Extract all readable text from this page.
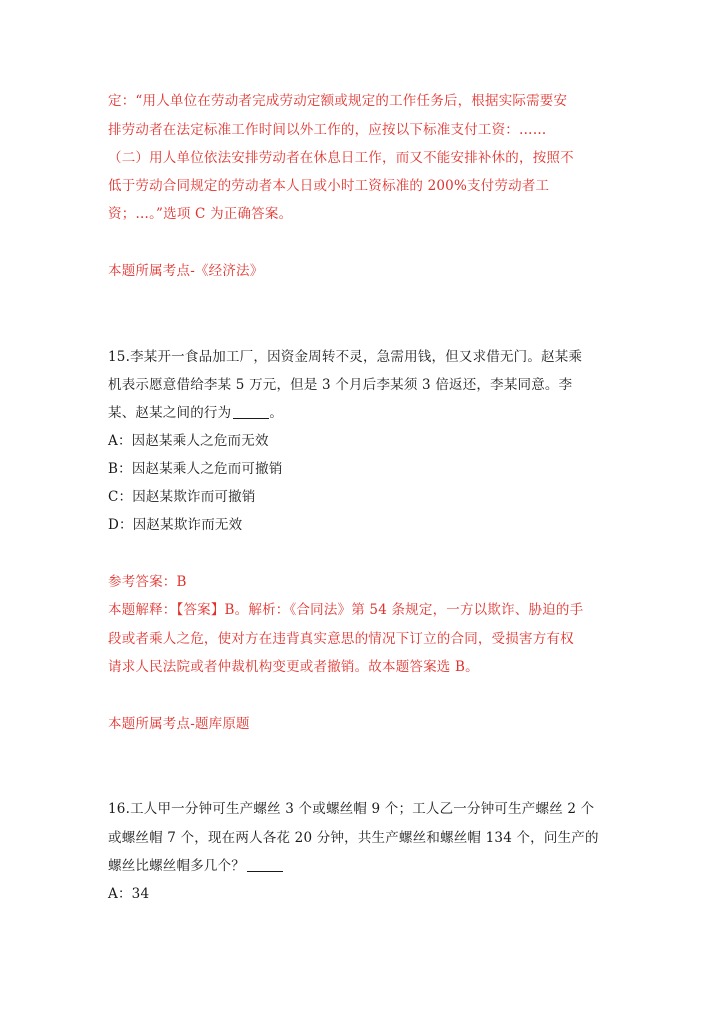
定：“用人单位在劳动者完成劳动定额或规定的工作任务后，根据实际需要安
排劳动者在法定标准工作时间以外工作的，应按以下标准支付工资：……
（二）用人单位依法安排劳动者在休息日工作，而又不能安排补休的，按照不
低于劳动合同规定的劳动者本人日或小时工资标准的 200%支付劳动者工
资；…。”选项 C 为正确答案。
本题所属考点-《经济法》
15.李某开一食品加工厂，因资金周转不灵，急需用钱，但又求借无门。赵某乘
机表示愿意借给李某 5 万元，但是 3 个月后李某须 3 倍返还，李某同意。李
某、赵某之间的行为	。
A：因赵某乘人之危而无效
B：因赵某乘人之危而可撤销
C：因赵某欺诈而可撤销
D：因赵某欺诈而无效
参考答案：B
本题解释：【答案】B。解析：《合同法》第 54 条规定，一方以欺诈、胁迫的手
段或者乘人之危，使对方在违背真实意思的情况下订立的合同，受损害方有权
请求人民法院或者仲裁机构变更或者撤销。故本题答案选 B。
本题所属考点-题库原题
16.工人甲一分钟可生产螺丝 3 个或螺丝帽 9 个；工人乙一分钟可生产螺丝 2 个
或螺丝帽 7 个，现在两人各花 20 分钟，共生产螺丝和螺丝帽 134 个，问生产的
螺丝比螺丝帽多几个？
A：34
